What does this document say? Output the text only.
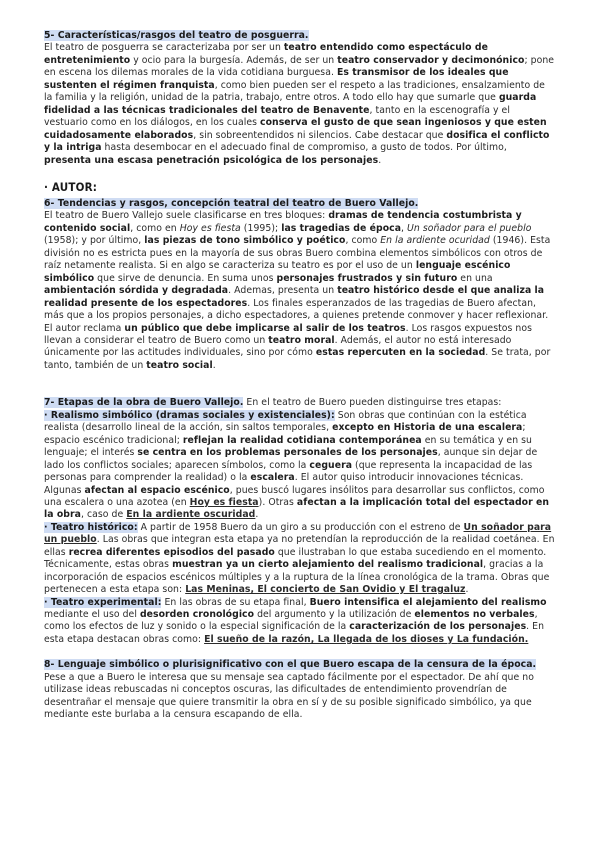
5- Características/rasgos del teatro de posguerra.
El teatro de posguerra se caracterizaba por ser un teatro entendido como espectáculo de entretenimiento y ocio para la burgesía. Además, de ser un teatro conservador y decimonónico; pone en escena los dilemas morales de la vida cotidiana burguesa. Es transmisor de los ideales que sustenten el régimen franquista, como bien pueden ser el respeto a las tradiciones, ensalzamiento de la familia y la religión, unidad de la patria, trabajo, entre otros. A todo ello hay que sumarle que guarda fidelidad a las técnicas tradicionales del teatro de Benavente, tanto en la escenografía y el vestuario como en los diálogos, en los cuales conserva el gusto de que sean ingeniosos y que esten cuidadosamente elaborados, sin sobreentendidos ni silencios. Cabe destacar que dosifica el conflicto y la intriga hasta desembocar en el adecuado final de compromiso, a gusto de todos. Por último, presenta una escasa penetración psicológica de los personajes.

· AUTOR:

6- Tendencias y rasgos, concepción teatral del teatro de Buero Vallejo.
El teatro de Buero Vallejo suele clasificarse en tres bloques: dramas de tendencia costumbrista y contenido social, como en Hoy es fiesta (1995); las tragedias de época, Un soñador para el pueblo (1958); y por último, las piezas de tono simbólico y poético, como En la ardiente ocuridad (1946). Esta división no es estricta pues en la mayoría de sus obras Buero combina elementos simbólicos con otros de raíz netamente realista. Si en algo se caracteriza su teatro es por el uso de un lenguaje escénico simbólico que sirve de denuncia. En suma unos personajes frustrados y sin futuro en una ambientación sórdida y degradada. Ademas, presenta un teatro histórico desde el que analiza la realidad presente de los espectadores. Los finales esperanzados de las tragedias de Buero afectan, más que a los propios personajes, a dicho espectadores, a quienes pretende conmover y hacer reflexionar. El autor reclama un público que debe implicarse al salir de los teatros. Los rasgos expuestos nos llevan a considerar el teatro de Buero como un teatro moral. Además, el autor no está interesado únicamente por las actitudes individuales, sino por cómo estas repercuten en la sociedad. Se trata, por tanto, también de un teatro social.

7- Etapas de la obra de Buero Vallejo. En el teatro de Buero pueden distinguirse tres etapas:
· Realismo simbólico (dramas sociales y existenciales): Son obras que continúan con la estética realista (desarrollo lineal de la acción, sin saltos temporales, excepto en Historia de una escalera; espacio escénico tradicional; reflejan la realidad cotidiana contemporánea en su temática y en su lenguaje; el interés se centra en los problemas personales de los personajes, aunque sin dejar de lado los conflictos sociales; aparecen símbolos, como la ceguera (que representa la incapacidad de las personas para comprender la realidad) o la escalera. El autor quiso introducir innovaciones técnicas. Algunas afectan al espacio escénico, pues buscó lugares insólitos para desarrollar sus conflictos, como una escalera o una azotea (en Hoy es fiesta). Otras afectan a la implicación total del espectador en la obra, caso de En la ardiente oscuridad.
· Teatro histórico: A partir de 1958 Buero da un giro a su producción con el estreno de Un soñador para un pueblo. Las obras que integran esta etapa ya no pretendían la reproducción de la realidad coetánea. En ellas recrea diferentes episodios del pasado que ilustraban lo que estaba sucediendo en el momento. Técnicamente, estas obras muestran ya un cierto alejamiento del realismo tradicional, gracias a la incorporación de espacios escénicos múltiples y a la ruptura de la línea cronológica de la trama. Obras que pertenecen a esta etapa son: Las Meninas, El concierto de San Ovidio y El tragaluz.
· Teatro experimental: En las obras de su etapa final, Buero intensifica el alejamiento del realismo mediante el uso del desorden cronológico del argumento y la utilización de elementos no verbales, como los efectos de luz y sonido o la especial significación de la caracterización de los personajes. En esta etapa destacan obras como: El sueño de la razón, La llegada de los dioses y La fundación.

8- Lenguaje simbólico o plurisignificativo con el que Buero escapa de la censura de la época.
Pese a que a Buero le interesa que su mensaje sea captado fácilmente por el espectador. De ahí que no utilizase ideas rebuscadas ni conceptos oscuras, las dificultades de entendimiento provendrían de desentrañar el mensaje que quiere transmitir la obra en sí y de su posible significado simbólico, ya que mediante este burlaba a la censura escapando de ella.
